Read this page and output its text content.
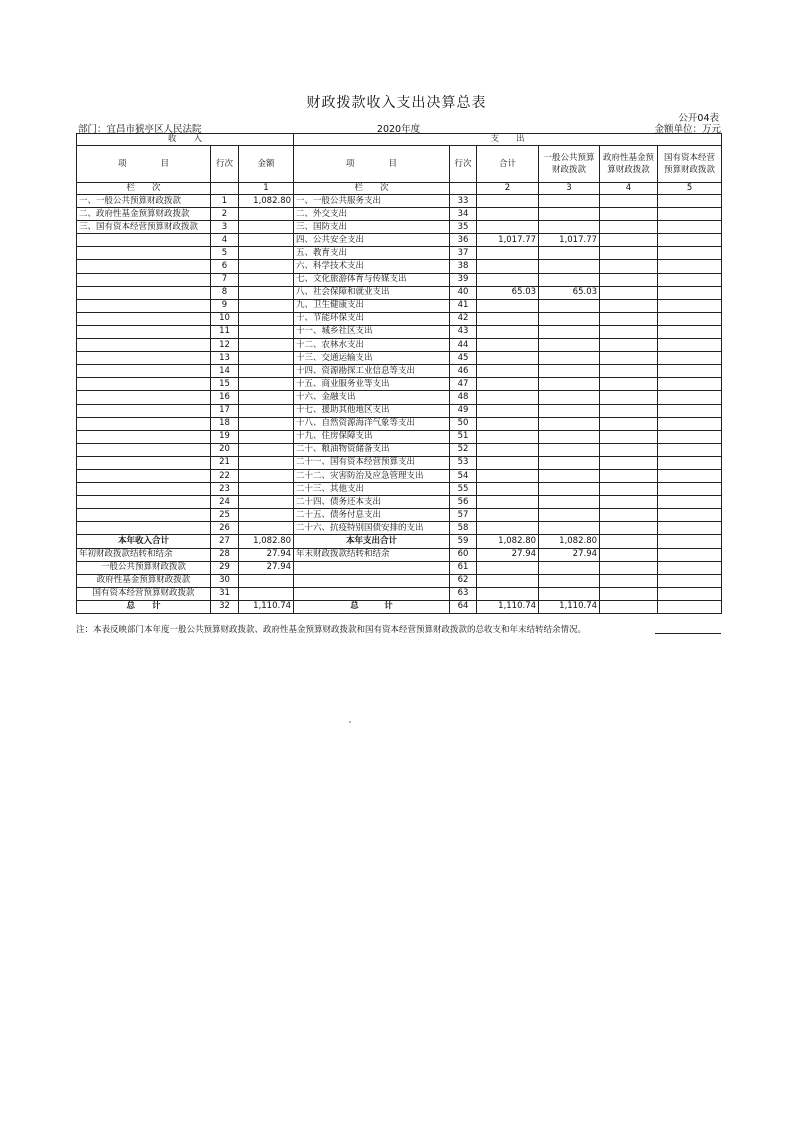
财政拨款收入支出决算总表
公开04表
部门：宜昌市猇亭区人民法院	2020年度	金额单位：万元
收　　入			支　　出					
项　　　　目	行次	金额	项　　　　目	行次	合计	一般公共预算财政拨款	政府性基金预算财政拨款	国有资本经营预算财政拨款
栏　　次		1	栏　　次		2	3	4	5
一、一般公共预算财政拨款	1	1,082.80	一、一般公共服务支出	33				
二、政府性基金预算财政拨款	2		二、外交支出	34				
三、国有资本经营预算财政拨款	3		三、国防支出	35				
	4		四、公共安全支出	36	1,017.77	1,017.77		
	5		五、教育支出	37				
	6		六、科学技术支出	38				
	7		七、文化旅游体育与传媒支出	39				
	8		八、社会保障和就业支出	40	65.03	65.03		
	9		九、卫生健康支出	41				
	10		十、节能环保支出	42				
	11		十一、城乡社区支出	43				
	12		十二、农林水支出	44				
	13		十三、交通运输支出	45				
	14		十四、资源勘探工业信息等支出	46				
	15		十五、商业服务业等支出	47				
	16		十六、金融支出	48				
	17		十七、援助其他地区支出	49				
	18		十八、自然资源海洋气象等支出	50				
	19		十九、住房保障支出	51				
	20		二十、粮油物资储备支出	52				
	21		二十一、国有资本经营预算支出	53				
	22		二十二、灾害防治及应急管理支出	54				
	23		二十三、其他支出	55				
	24		二十四、债务还本支出	56				
	25		二十五、债务付息支出	57				
	26		二十六、抗疫特别国债安排的支出	58				
本年收入合计	27	1,082.80	本年支出合计	59	1,082.80	1,082.80		
年初财政拨款结转和结余	28	27.94	年末财政拨款结转和结余	60	27.94	27.94		
一般公共预算财政拨款	29	27.94		61				
政府性基金预算财政拨款	30			62				
国有资本经营预算财政拨款	31			63				
总　　计	32	1,110.74	总　　　计	64	1,110.74	1,110.74		
注：本表反映部门本年度一般公共预算财政拨款、政府性基金预算财政拨款和国有资本经营预算财政拨款的总收支和年末结转结余情况。
